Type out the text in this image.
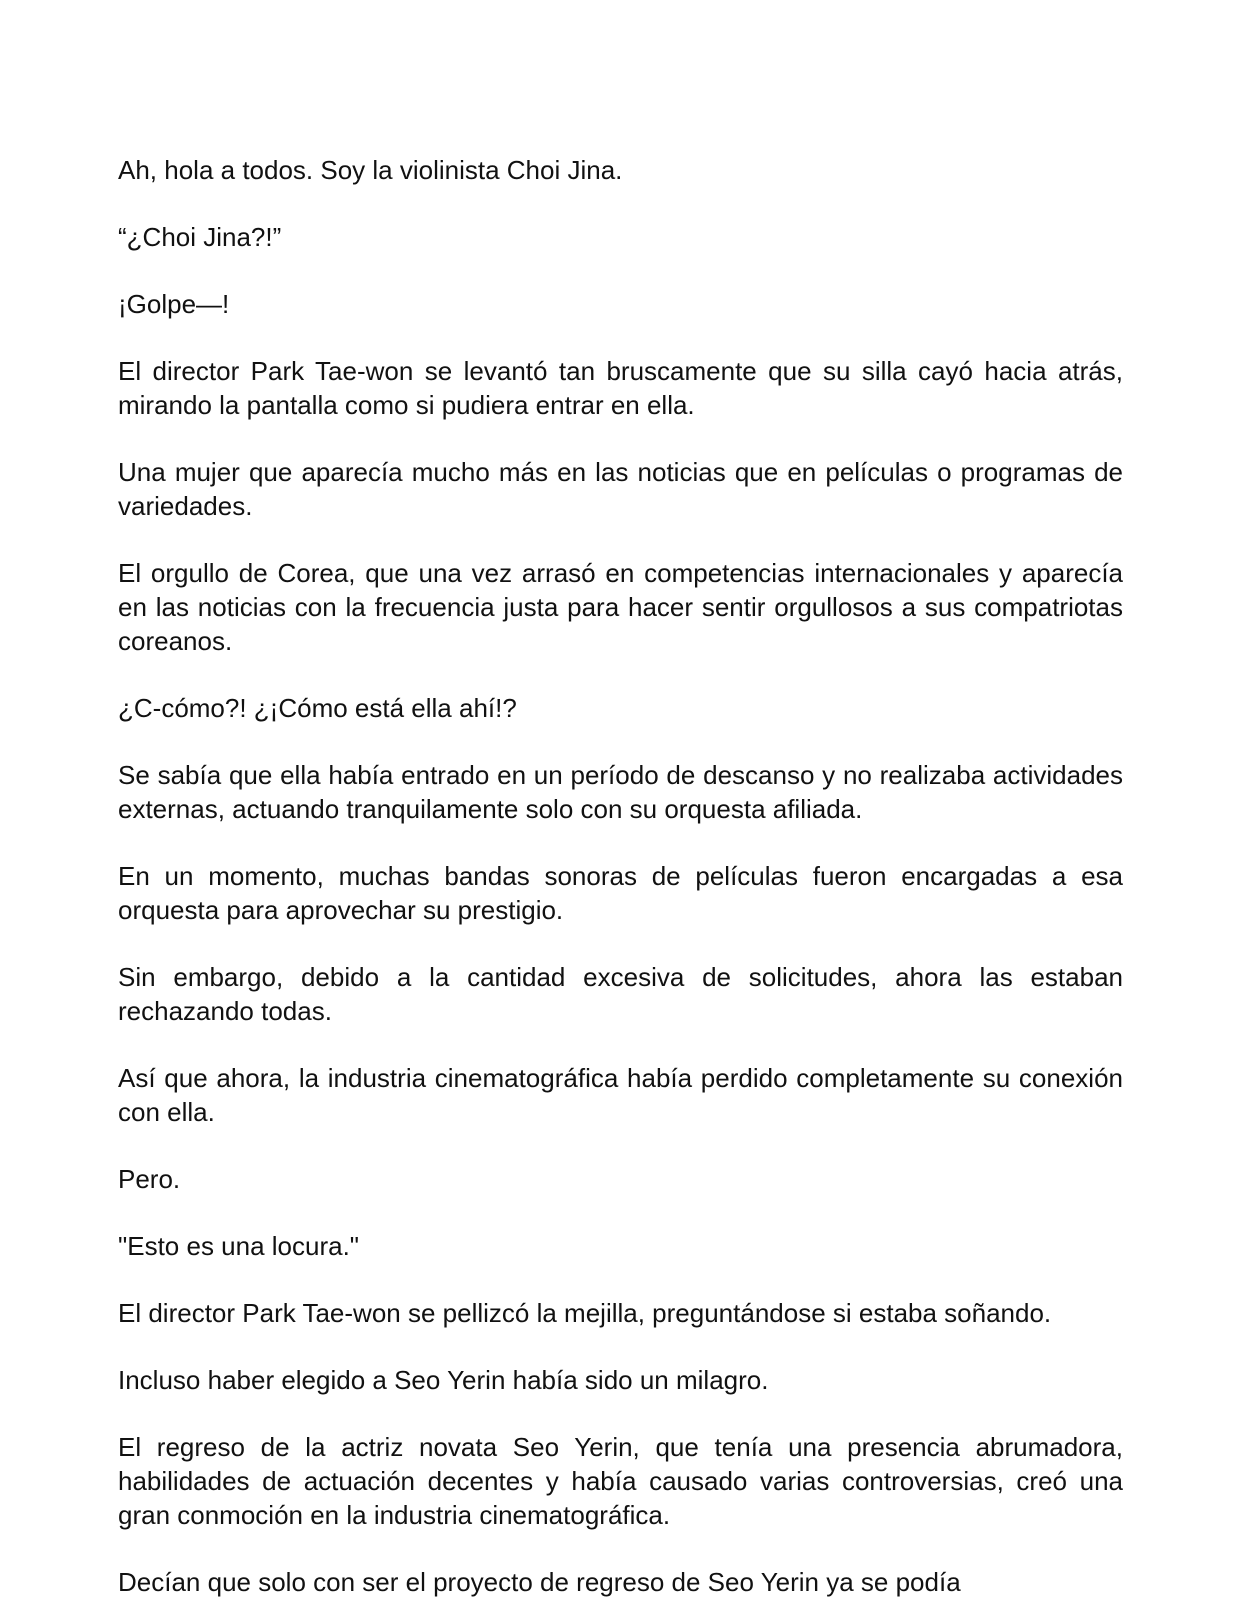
Ah, hola a todos. Soy la violinista Choi Jina.

“¿Choi Jina?!”

¡Golpe—!

El director Park Tae-won se levantó tan bruscamente que su silla cayó hacia atrás, mirando la pantalla como si pudiera entrar en ella.

Una mujer que aparecía mucho más en las noticias que en películas o programas de variedades.

El orgullo de Corea, que una vez arrasó en competencias internacionales y aparecía en las noticias con la frecuencia justa para hacer sentir orgullosos a sus compatriotas coreanos.

¿C-cómo?! ¿¡Cómo está ella ahí!?

Se sabía que ella había entrado en un período de descanso y no realizaba actividades externas, actuando tranquilamente solo con su orquesta afiliada.

En un momento, muchas bandas sonoras de películas fueron encargadas a esa orquesta para aprovechar su prestigio.

Sin embargo, debido a la cantidad excesiva de solicitudes, ahora las estaban rechazando todas.

Así que ahora, la industria cinematográfica había perdido completamente su conexión con ella.

Pero.

"Esto es una locura."

El director Park Tae-won se pellizcó la mejilla, preguntándose si estaba soñando.

Incluso haber elegido a Seo Yerin había sido un milagro.

El regreso de la actriz novata Seo Yerin, que tenía una presencia abrumadora, habilidades de actuación decentes y había causado varias controversias, creó una gran conmoción en la industria cinematográfica.

Decían que solo con ser el proyecto de regreso de Seo Yerin ya se podía
